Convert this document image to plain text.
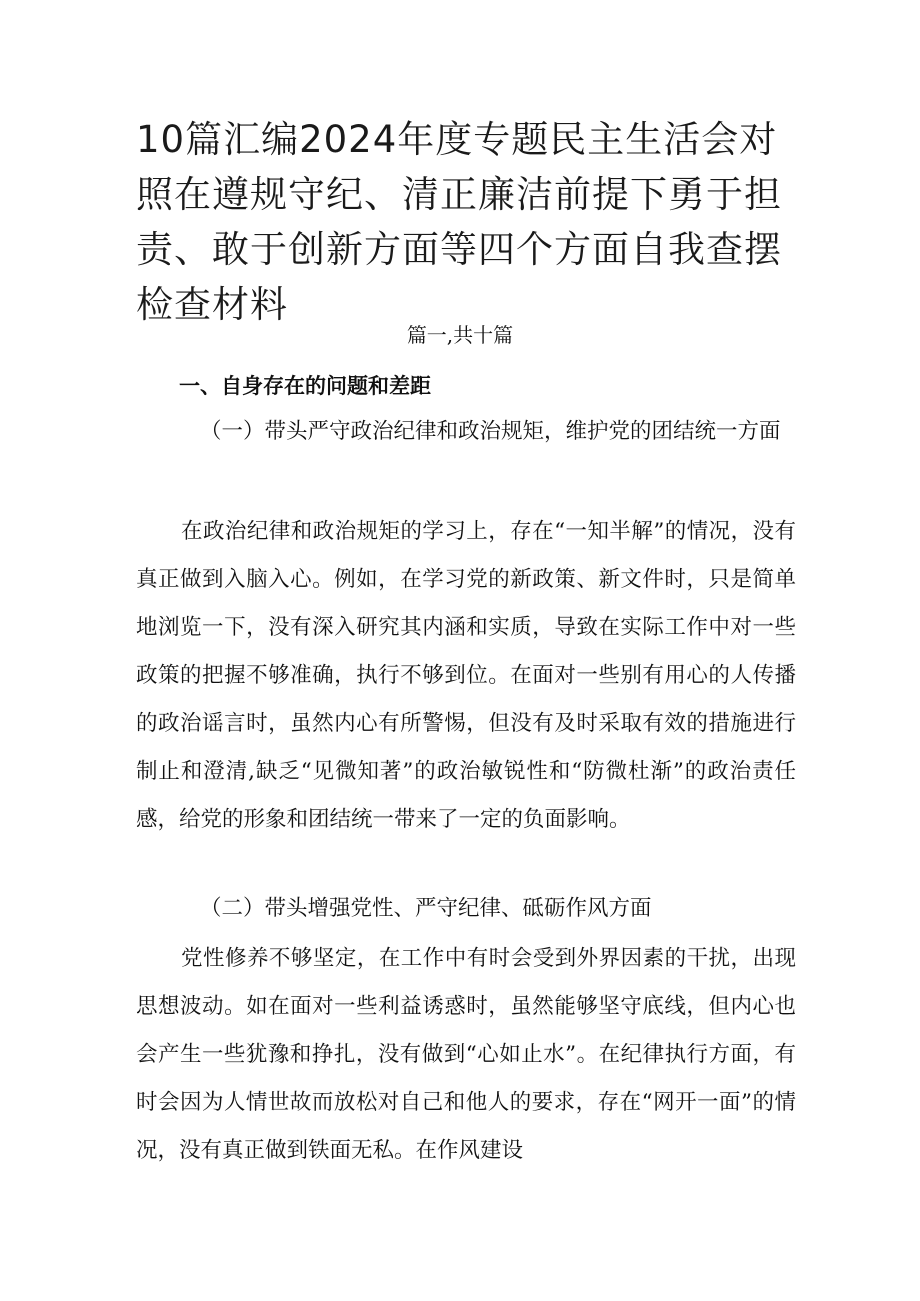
10篇汇编2024年度专题民主生活会对照在遵规守纪、清正廉洁前提下勇于担责、敢于创新方面等四个方面自我查摆检查材料

篇一,共十篇

一、自身存在的问题和差距

（一）带头严守政治纪律和政治规矩，维护党的团结统一方面

在政治纪律和政治规矩的学习上，存在“一知半解”的情况，没有真正做到入脑入心。例如，在学习党的新政策、新文件时，只是简单地浏览一下，没有深入研究其内涵和实质，导致在实际工作中对一些政策的把握不够准确，执行不够到位。在面对一些别有用心的人传播的政治谣言时，虽然内心有所警惕，但没有及时采取有效的措施进行制止和澄清,缺乏“见微知著”的政治敏锐性和“防微杜渐”的政治责任感，给党的形象和团结统一带来了一定的负面影响。

（二）带头增强党性、严守纪律、砥砺作风方面

党性修养不够坚定，在工作中有时会受到外界因素的干扰，出现思想波动。如在面对一些利益诱惑时，虽然能够坚守底线，但内心也会产生一些犹豫和挣扎，没有做到“心如止水”。在纪律执行方面，有时会因为人情世故而放松对自己和他人的要求，存在“网开一面”的情况，没有真正做到铁面无私。在作风建设
